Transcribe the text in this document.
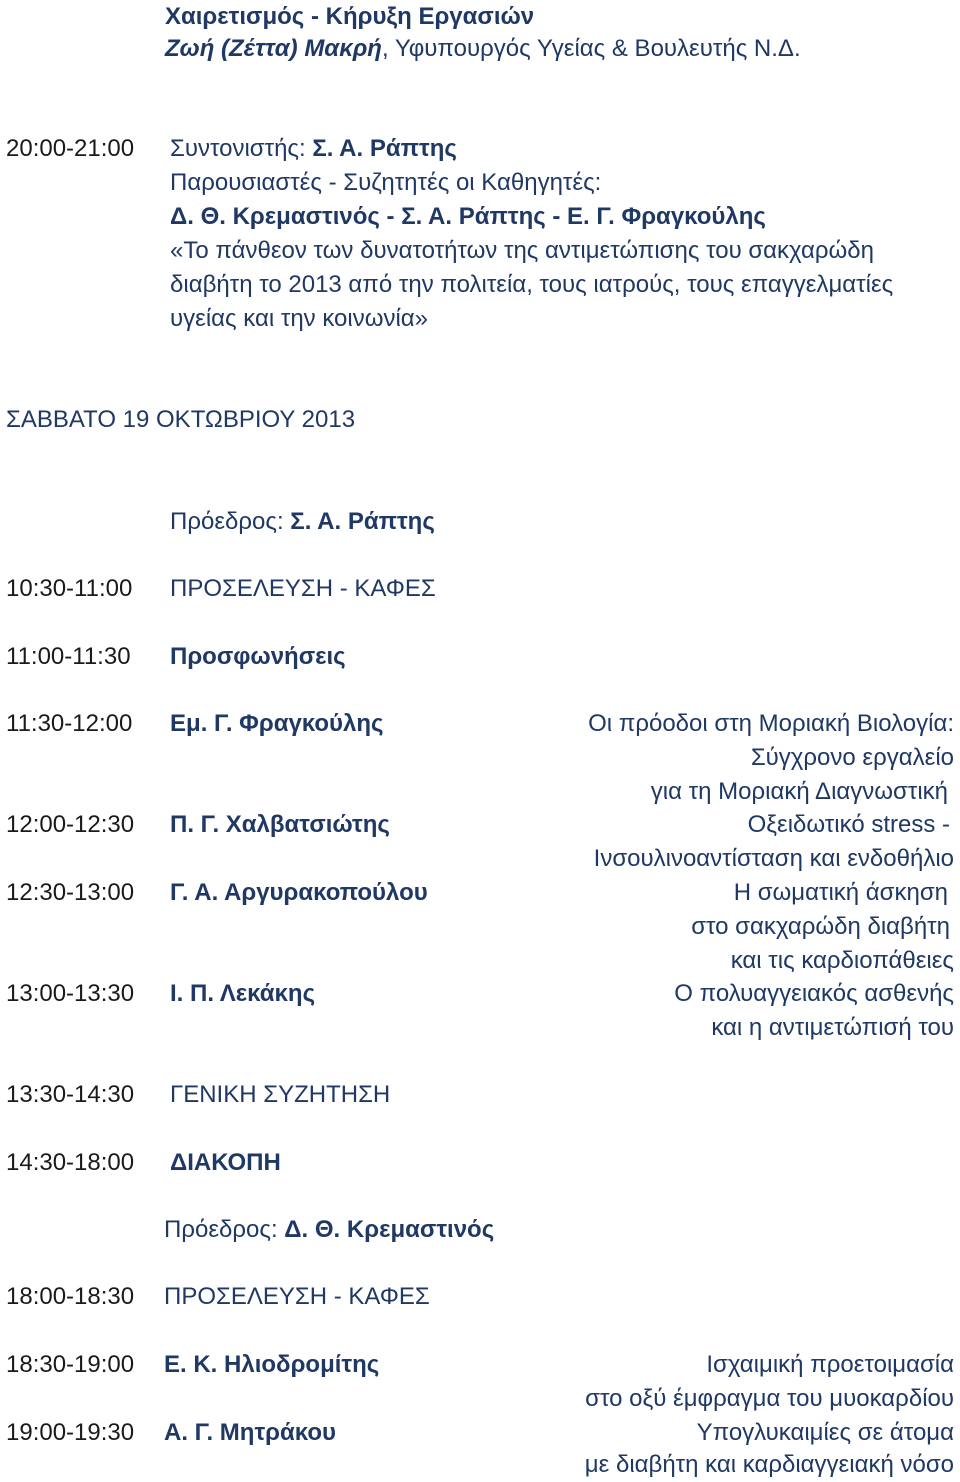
Χαιρετισμός - Κήρυξη Εργασιών
Ζωή (Ζέττα) Μακρή, Υφυπουργός Υγείας & Βουλευτής Ν.Δ.
20:00-21:00 Συντονιστής: Σ. Α. Ράπτης
Παρουσιαστές - Συζητητές οι Καθηγητές:
Δ. Θ. Κρεμαστινός - Σ. Α. Ράπτης - Ε. Γ. Φραγκούλης
«Το πάνθεον των δυνατοτήτων της αντιμετώπισης του σακχαρώδη
διαβήτη το 2013 από την πολιτεία, τους ιατρούς, τους επαγγελματίες
υγείας και την κοινωνία»
ΣΑΒΒΑΤΟ 19 ΟΚΤΩΒΡΙΟΥ 2013
Πρόεδρος: Σ. Α. Ράπτης
10:30-11:00 ΠΡΟΣΕΛΕΥΣΗ - ΚΑΦΕΣ
11:00-11:30 Προσφωνήσεις
11:30-12:00 Εμ. Γ. Φραγκούλης	Οι πρόοδοι στη Μοριακή Βιολογία:
Σύγχρονο εργαλείο
για τη Μοριακή Διαγνωστική
12:00-12:30 Π. Γ. Χαλβατσιώτης	Οξειδωτικό stress -
Ινσουλινοαντίσταση και ενδοθήλιο
12:30-13:00 Γ. Α. Αργυρακοπούλου	Η σωματική άσκηση
στο σακχαρώδη διαβήτη
και τις καρδιοπάθειες
13:00-13:30 Ι. Π. Λεκάκης	Ο πολυαγγειακός ασθενής
και η αντιμετώπισή του
13:30-14:30 ΓΕΝΙΚΗ ΣΥΖΗΤΗΣΗ
14:30-18:00 ΔΙΑΚΟΠΗ
Πρόεδρος: Δ. Θ. Κρεμαστινός
18:00-18:30 ΠΡΟΣΕΛΕΥΣΗ - ΚΑΦΕΣ
18:30-19:00 Ε. Κ. Ηλιοδρομίτης	Ισχαιμική προετοιμασία
στο οξύ έμφραγμα του μυοκαρδίου
19:00-19:30 Α. Γ. Μητράκου	Υπογλυκαιμίες σε άτομα
με διαβήτη και καρδιαγγειακή νόσο
